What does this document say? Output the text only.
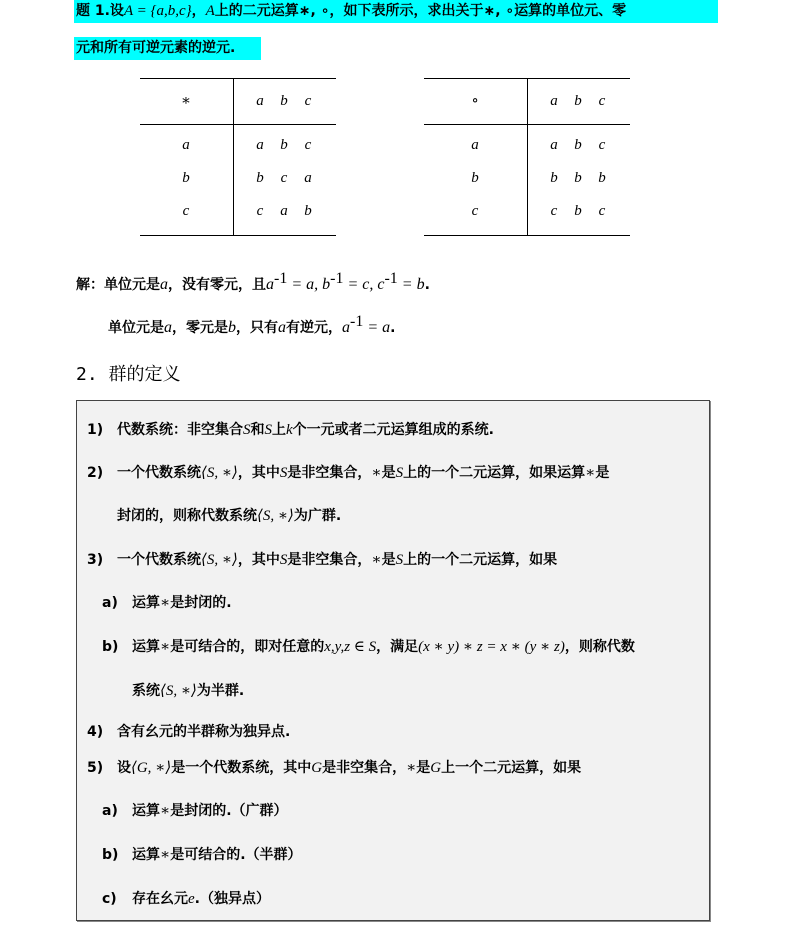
题 1.设A = {a,b,c}，A上的二元运算∗, ∘，如下表所示，求出关于∗, ∘运算的单位元、零
元和所有可逆元素的逆元.
∗	a	b	c
a	a	b	c
b	b	c	a
c	c	a	b
∘	a	b	c
a	a	b	c
b	b	b	b
c	c	b	c
解：单位元是a，没有零元，且$a^{-1} = a$, $b^{-1} = c$, $c^{-1} = b$.
单位元是a，零元是b，只有a有逆元，$a^{-1} = a$.
2. 群的定义
1) 代数系统：非空集合S和S上k个一元或者二元运算组成的系统.
2) 一个代数系统⟨S, ∗⟩，其中S是非空集合，∗是S上的一个二元运算，如果运算∗是
封闭的，则称代数系统⟨S, ∗⟩为广群.
3) 一个代数系统⟨S, ∗⟩，其中S是非空集合，∗是S上的一个二元运算，如果
a) 运算∗是封闭的.
b) 运算∗是可结合的，即对任意的x,y,z ∈ S，满足(x ∗ y) ∗ z = x ∗ (y ∗ z)，则称代数
系统⟨S, ∗⟩为半群.
4) 含有幺元的半群称为独异点.
5) 设⟨G, ∗⟩是一个代数系统，其中G是非空集合，∗是G上一个二元运算，如果
a) 运算∗是封闭的.（广群）
b) 运算∗是可结合的.（半群）
c) 存在幺元e.（独异点）
